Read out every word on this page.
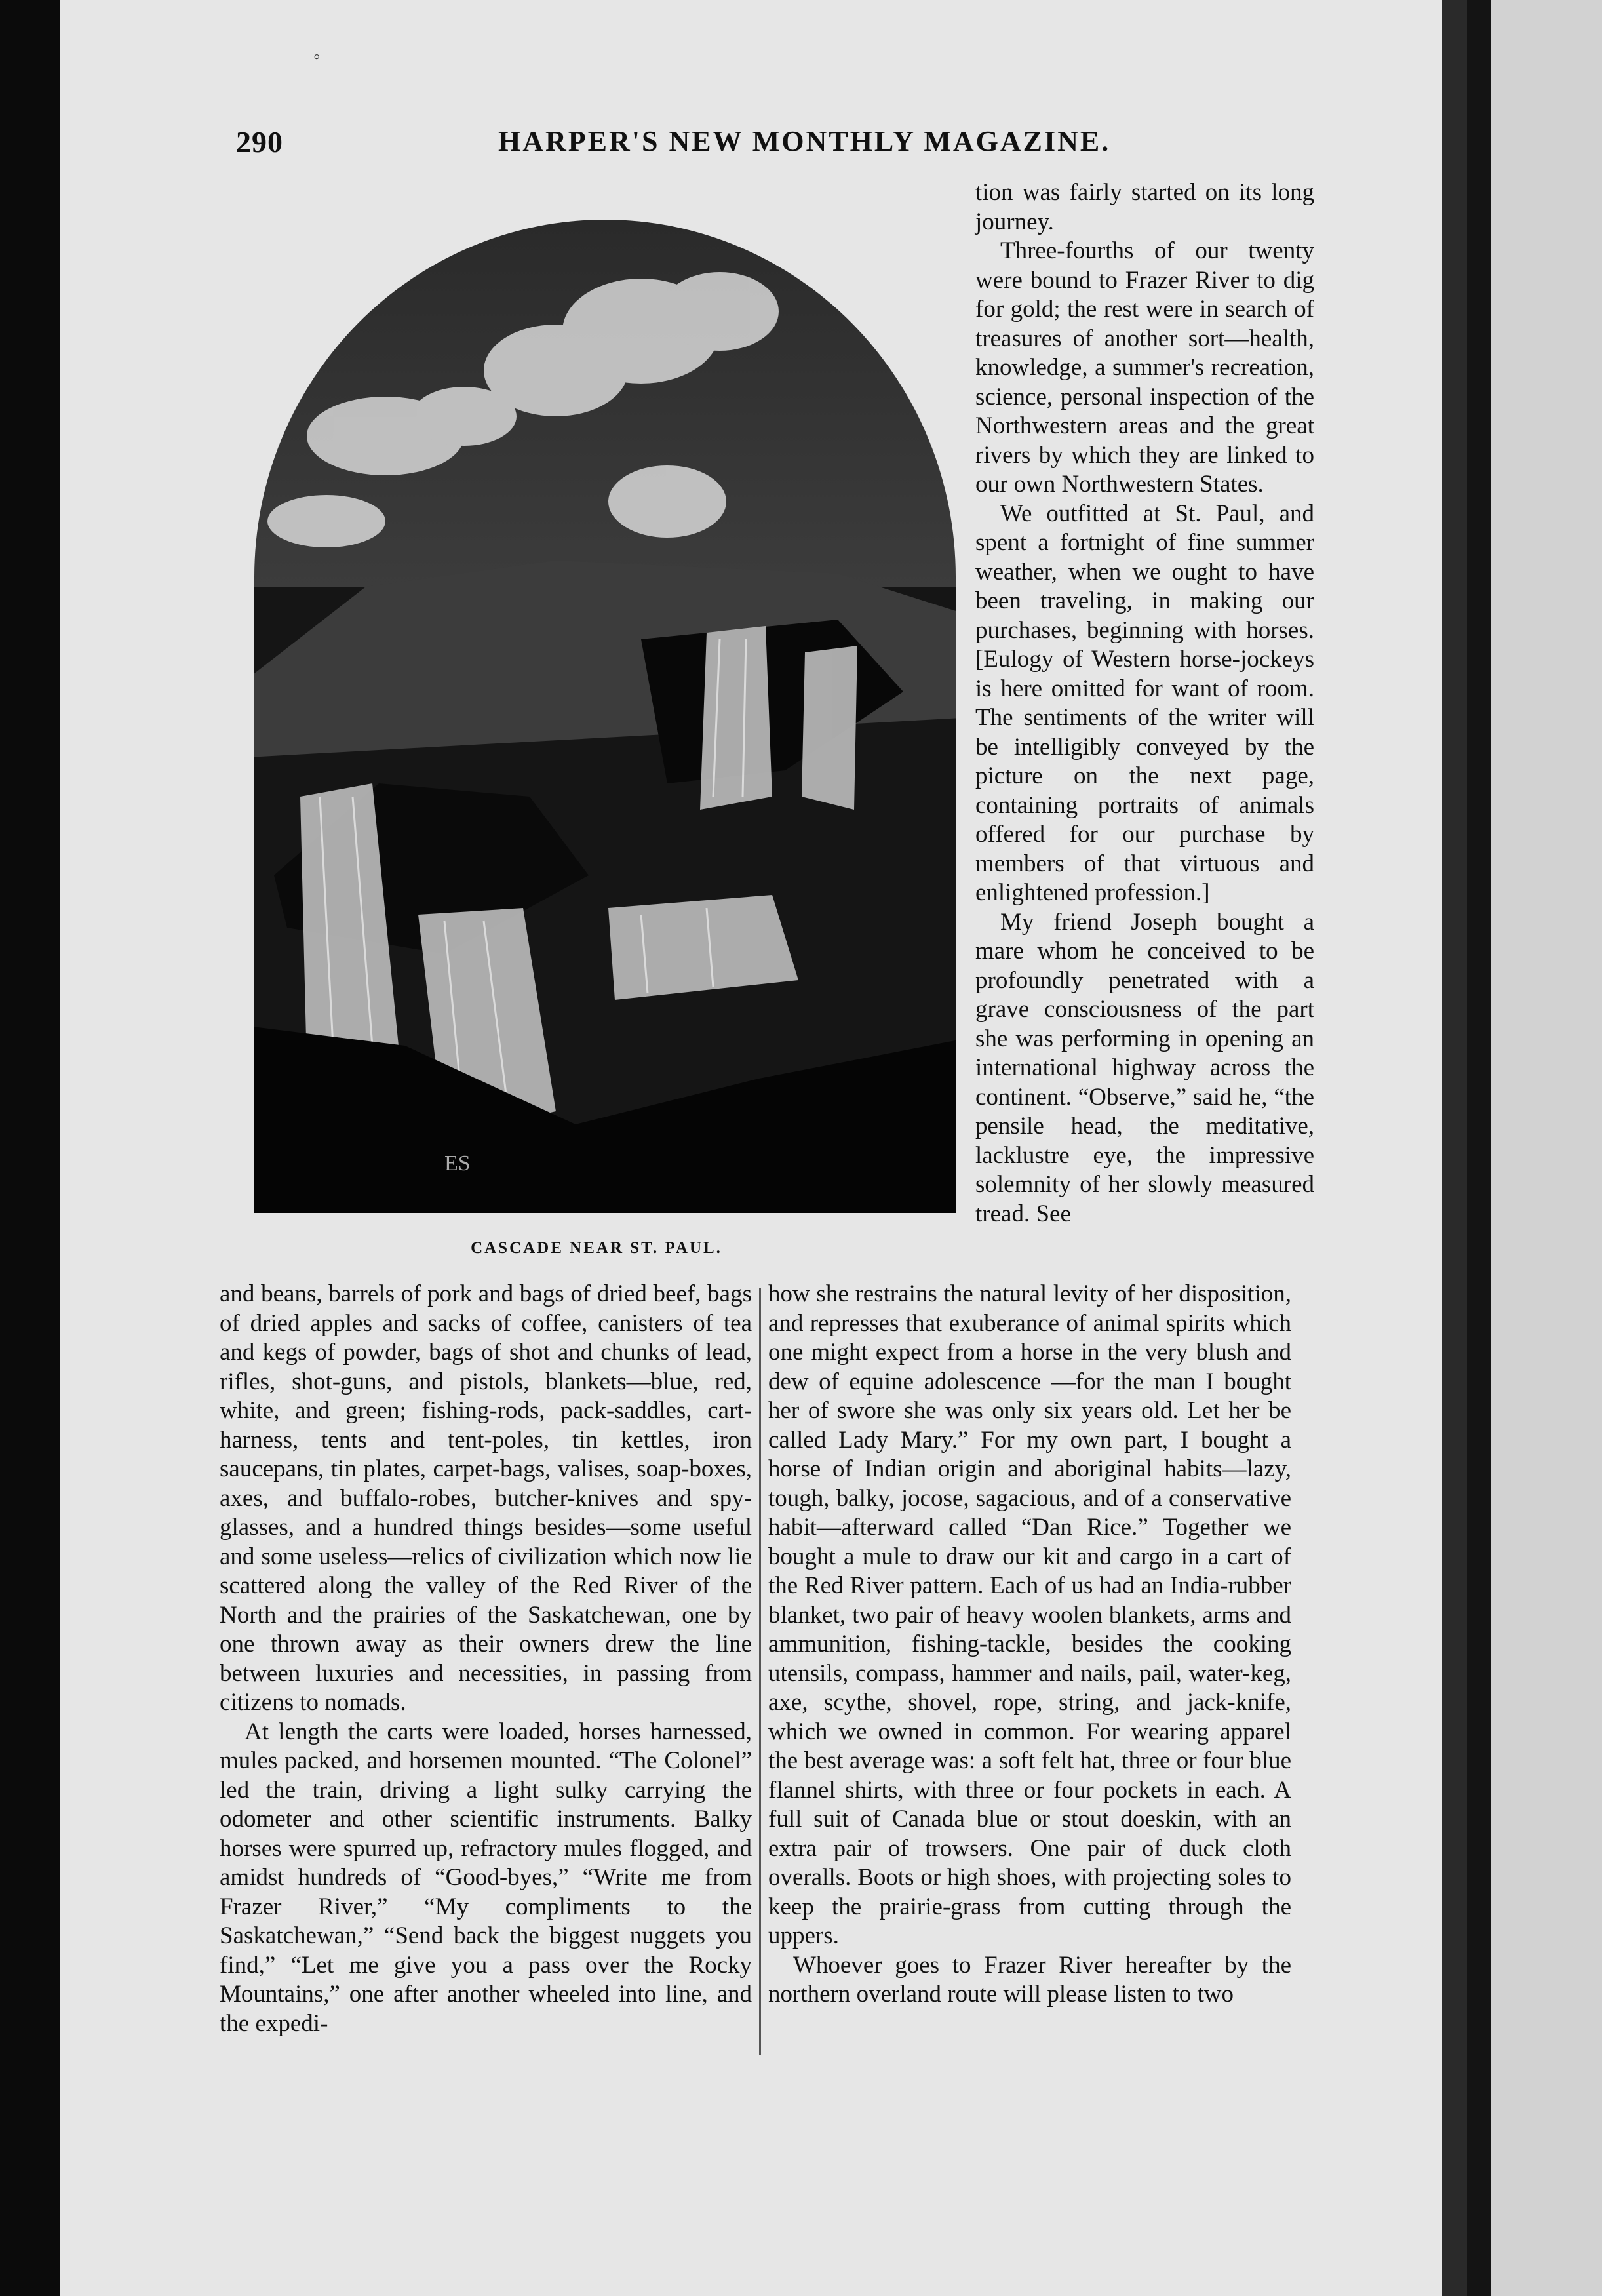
290	HARPER'S NEW MONTHLY MAGAZINE.
ES
CASCADE NEAR ST. PAUL.

tion was fairly started on its long journey.

Three-fourths of our twenty were bound to Frazer River to dig for gold; the rest were in search of treasures of another sort—health, knowledge, a summer's recreation, science, personal inspection of the Northwestern areas and the great rivers by which they are linked to our own Northwestern States.

We outfitted at St. Paul, and spent a fortnight of fine summer weather, when we ought to have been traveling, in making our purchases, beginning with horses. [Eulogy of Western horse-jockeys is here omitted for want of room. The sentiments of the writer will be intelligibly conveyed by the picture on the next page, containing portraits of animals offered for our purchase by members of that virtuous and enlightened profession.]

My friend Joseph bought a mare whom he conceived to be profoundly penetrated with a grave consciousness of the part she was performing in opening an international highway across the continent. “Observe,” said he, “the pensile head, the meditative, lacklustre eye, the impressive solemnity of her slowly measured tread. See

and beans, barrels of pork and bags of dried beef, bags of dried apples and sacks of coffee, canisters of tea and kegs of powder, bags of shot and chunks of lead, rifles, shot-guns, and pistols, blankets—blue, red, white, and green; fishing-rods, pack-saddles, cart-harness, tents and tent-poles, tin kettles, iron saucepans, tin plates, carpet-bags, valises, soap-boxes, axes, and buffalo-robes, butcher-knives and spy-glasses, and a hundred things besides—some useful and some useless—relics of civilization which now lie scattered along the valley of the Red River of the North and the prairies of the Saskatchewan, one by one thrown away as their owners drew the line between luxuries and necessities, in passing from citizens to nomads.

At length the carts were loaded, horses harnessed, mules packed, and horsemen mounted. “The Colonel” led the train, driving a light sulky carrying the odometer and other scientific instruments. Balky horses were spurred up, refractory mules flogged, and amidst hundreds of “Good-byes,” “Write me from Frazer River,” “My compliments to the Saskatchewan,” “Send back the biggest nuggets you find,” “Let me give you a pass over the Rocky Mountains,” one after another wheeled into line, and the expedi-

how she restrains the natural levity of her disposition, and represses that exuberance of animal spirits which one might expect from a horse in the very blush and dew of equine adolescence —for the man I bought her of swore she was only six years old. Let her be called Lady Mary.” For my own part, I bought a horse of Indian origin and aboriginal habits—lazy, tough, balky, jocose, sagacious, and of a conservative habit—afterward called “Dan Rice.” Together we bought a mule to draw our kit and cargo in a cart of the Red River pattern. Each of us had an India-rubber blanket, two pair of heavy woolen blankets, arms and ammunition, fishing-tackle, besides the cooking utensils, compass, hammer and nails, pail, water-keg, axe, scythe, shovel, rope, string, and jack-knife, which we owned in common. For wearing apparel the best average was: a soft felt hat, three or four blue flannel shirts, with three or four pockets in each. A full suit of Canada blue or stout doeskin, with an extra pair of trowsers. One pair of duck cloth overalls. Boots or high shoes, with projecting soles to keep the prairie-grass from cutting through the uppers.

Whoever goes to Frazer River hereafter by the northern overland route will please listen to two

◦
